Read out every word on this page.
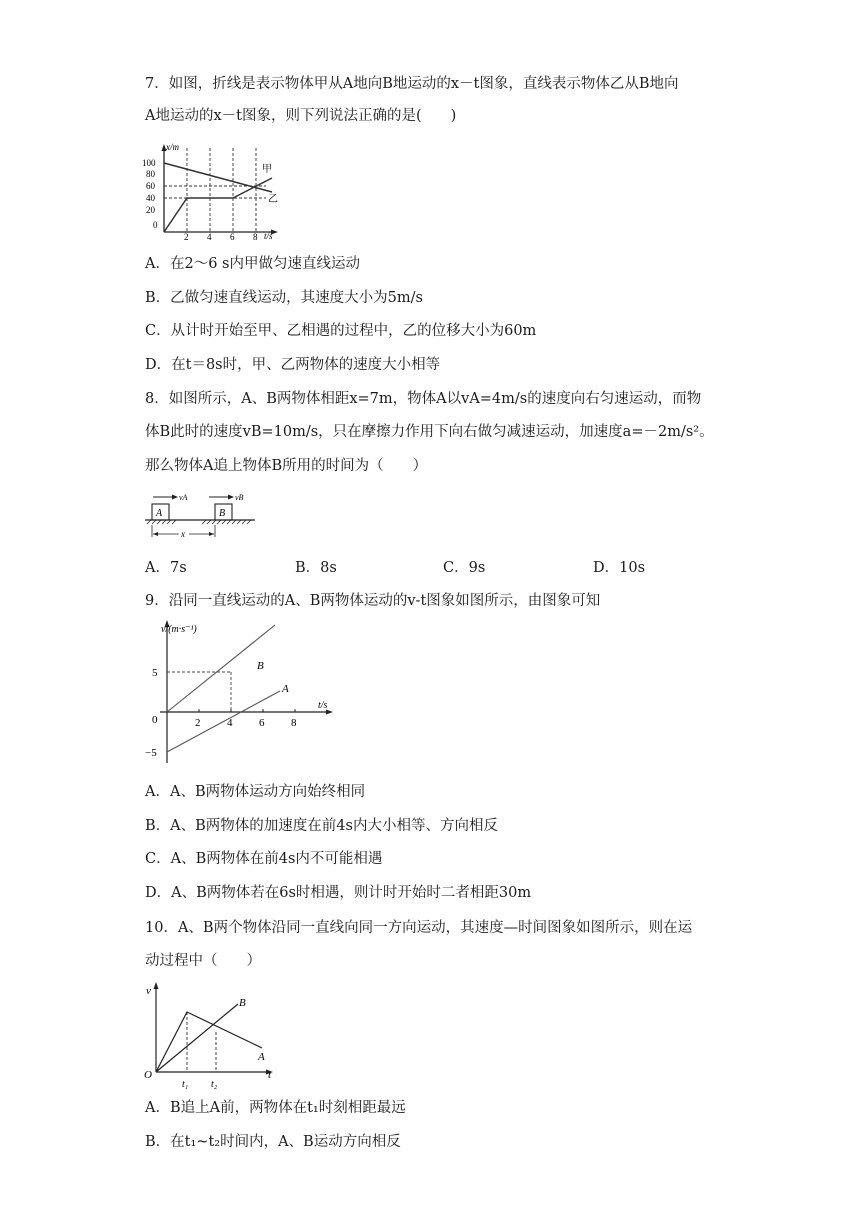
7．如图，折线是表示物体甲从A地向B地运动的x－t图象，直线表示物体乙从B地向
A地运动的x－t图象，则下列说法正确的是(　　)
x/m
t/s
100
80
60
40
20
0
2 4 6 8
甲
乙
A．在2～6 s内甲做匀速直线运动
B．乙做匀速直线运动，其速度大小为5m/s
C．从计时开始至甲、乙相遇的过程中，乙的位移大小为60m
D．在t＝8s时，甲、乙两物体的速度大小相等
8．如图所示，A、B两物体相距x=7m，物体A以vA=4m/s的速度向右匀速运动，而物
体B此时的速度vB=10m/s，只在摩擦力作用下向右做匀减速运动，加速度a=－2m/s²。
那么物体A追上物体B所用的时间为（　　）
vA	vB
A	B
x
A．7s	B．8s	C．9s	D．10s
9．沿同一直线运动的A、B两物体运动的v-t图象如图所示，由图象可知
v/(m·s⁻¹)
t/s
5
0
−5
2 4 6 8
B
A
A．A、B两物体运动方向始终相同
B．A、B两物体的加速度在前4s内大小相等、方向相反
C．A、B两物体在前4s内不可能相遇
D．A、B两物体若在6s时相遇，则计时开始时二者相距30m
10．A、B两个物体沿同一直线向同一方向运动，其速度—时间图象如图所示，则在运
动过程中（　　）
v
t
O
t₁ t₂
B
A
A．B追上A前，两物体在t₁时刻相距最远
B．在t₁~t₂时间内，A、B运动方向相反
